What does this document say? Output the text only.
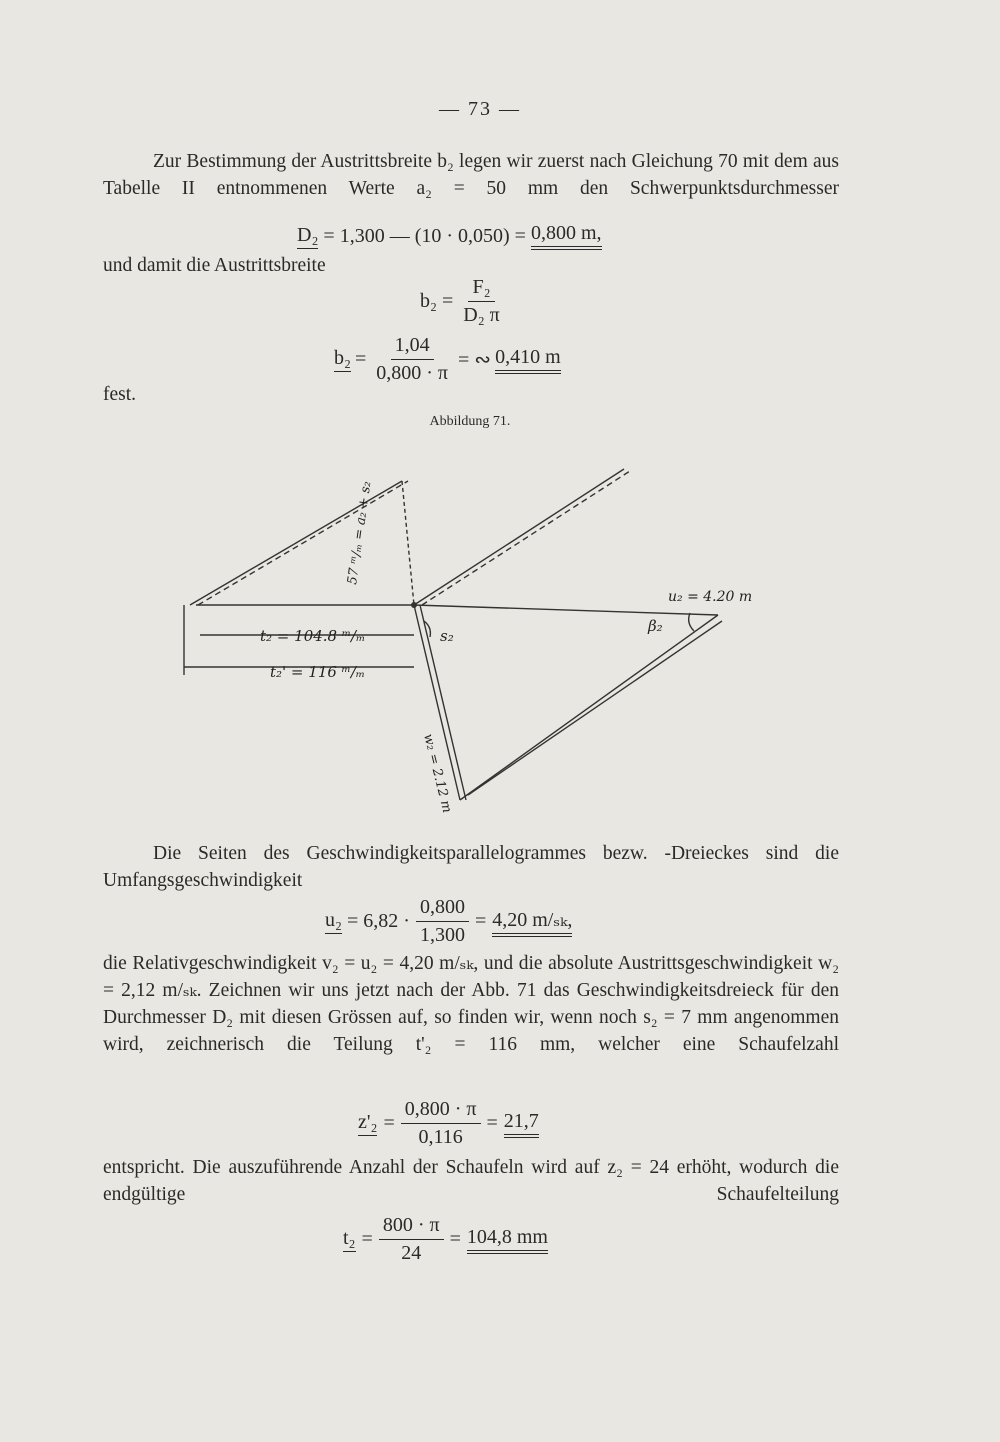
— 73 —
Zur Bestimmung der Austrittsbreite b₂ legen wir zuerst nach Gleichung 70 mit dem aus Tabelle II entnommenen Werte a₂ = 50 mm den Schwerpunktsdurchmesser
D₂ = 1,300 — (10 · 0,050) = 0,800 m,
und damit die Austrittsbreite
$b_2 = \frac{\text{F₂}}{\text{D₂ π}}$
$b_2 = \frac{1,04}{0,800 \cdot \pi}$ = ∾ 0,410 m
fest.
Abbildung 71.
t₂ = 104.8 ᵐ/ₘ
t₂' = 116 ᵐ/ₘ
u₂ = 4.20 m
β₂
s₂
57 ᵐ/ₘ = a₂ + s₂
w₂ = 2.12 m
Die Seiten des Geschwindigkeitsparallelogrammes bezw. -Dreieckes sind die Umfangsgeschwindigkeit
$u_2 = 6,82 \cdot \frac{0,800}{1,300} = 4,20$ m/ₛₖ,
die Relativgeschwindigkeit v₂ = u₂ = 4,20 m/ₛₖ, und die absolute Austrittsgeschwindigkeit w₂ = 2,12 m/ₛₖ. Zeichnen wir uns jetzt nach der Abb. 71 das Geschwindigkeitsdreieck für den Durchmesser D₂ mit diesen Grössen auf, so finden wir, wenn noch s₂ = 7 mm angenommen wird, zeichnerisch die Teilung t'₂ = 116 mm, welcher eine Schaufelzahl
$z'_2 = \frac{0,800 \cdot \pi}{0,116} = 21,7$
entspricht. Die auszuführende Anzahl der Schaufeln wird auf z₂ = 24 erhöht, wodurch die endgültige Schaufelteilung
$t_2 = \frac{800 \cdot \pi}{24} = 104,8$ mm
